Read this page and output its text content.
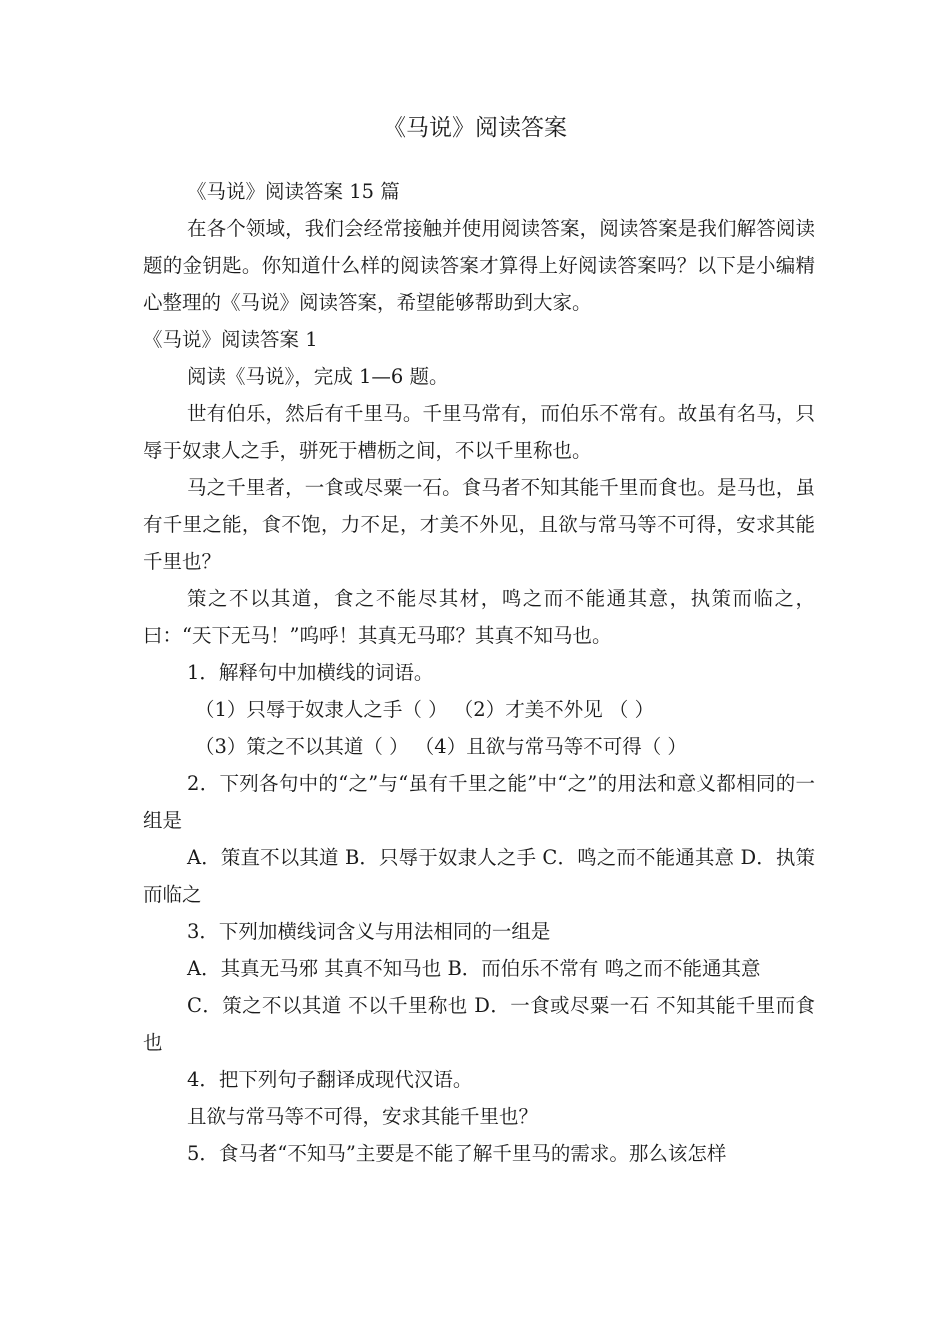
《马说》阅读答案

《马说》阅读答案 15 篇

在各个领域，我们会经常接触并使用阅读答案，阅读答案是我们解答阅读题的金钥匙。你知道什么样的阅读答案才算得上好阅读答案吗？以下是小编精心整理的《马说》阅读答案，希望能够帮助到大家。

《马说》阅读答案 1

阅读《马说》，完成 1—6 题。

世有伯乐，然后有千里马。千里马常有，而伯乐不常有。故虽有名马，只辱于奴隶人之手，骈死于槽枥之间，不以千里称也。

马之千里者，一食或尽粟一石。食马者不知其能千里而食也。是马也，虽有千里之能，食不饱，力不足，才美不外见，且欲与常马等不可得，安求其能千里也？

策之不以其道，食之不能尽其材，鸣之而不能通其意，执策而临之，曰：“天下无马！”呜呼！其真无马耶？其真不知马也。

1．解释句中加横线的词语。

（1）只辱于奴隶人之手（ ） （2）才美不外见 （ ）

（3）策之不以其道（ ） （4）且欲与常马等不可得（ ）

2．下列各句中的“之”与“虽有千里之能”中“之”的用法和意义都相同的一组是

A．策直不以其道 B．只辱于奴隶人之手 C．鸣之而不能通其意 D．执策而临之

3．下列加横线词含义与用法相同的一组是

A．其真无马邪 其真不知马也 B．而伯乐不常有 鸣之而不能通其意

C．策之不以其道 不以千里称也 D．一食或尽粟一石 不知其能千里而食也

4．把下列句子翻译成现代汉语。

且欲与常马等不可得，安求其能千里也？

5．食马者“不知马”主要是不能了解千里马的需求。那么该怎样
